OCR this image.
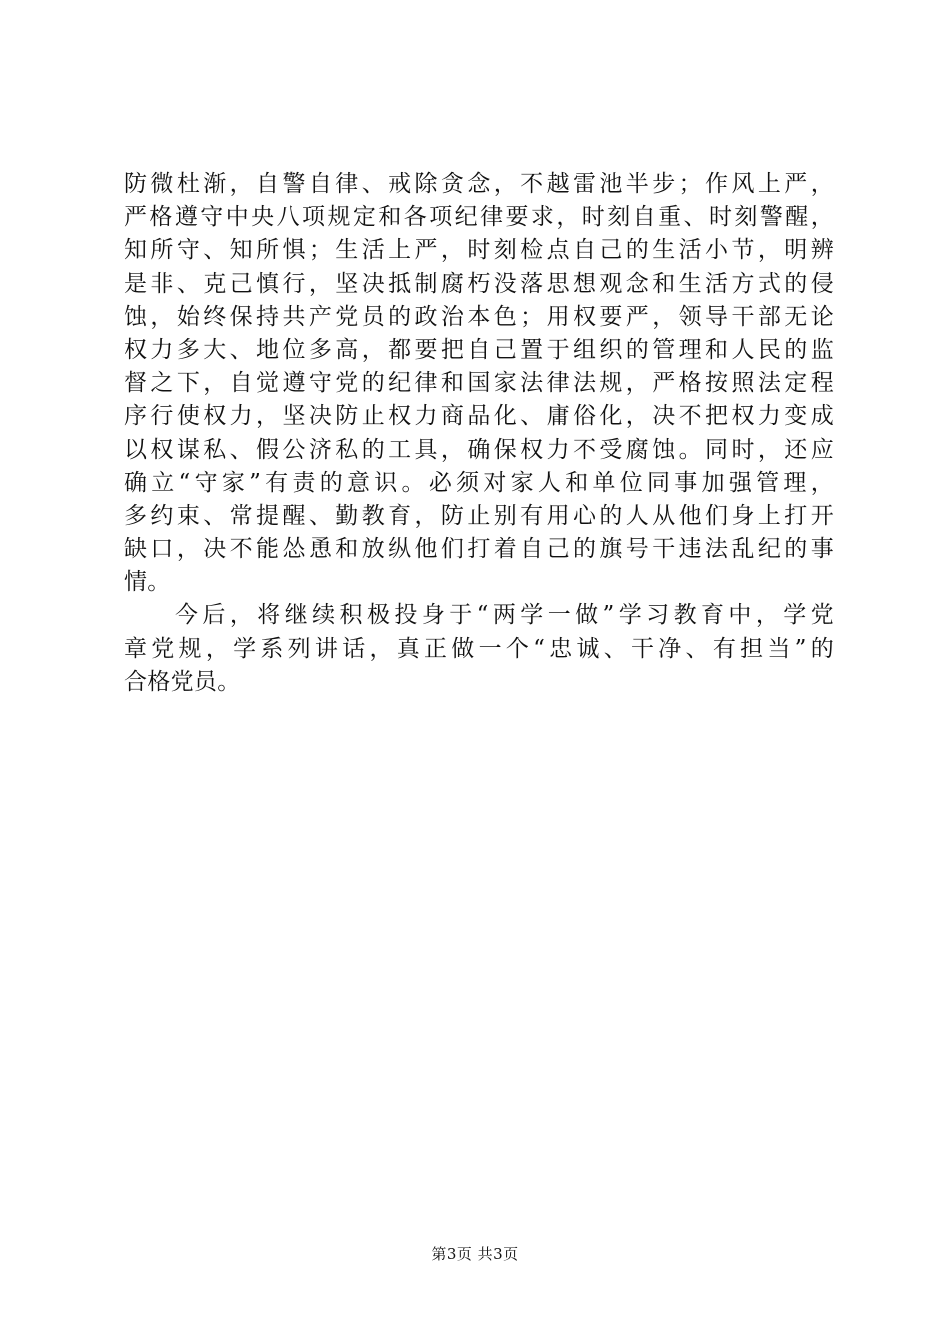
防微杜渐，自警自律、戒除贪念，不越雷池半步；作风上严，
严格遵守中央八项规定和各项纪律要求，时刻自重、时刻警醒，
知所守、知所惧；生活上严，时刻检点自己的生活小节，明辨
是非、克己慎行，坚决抵制腐朽没落思想观念和生活方式的侵
蚀，始终保持共产党员的政治本色；用权要严，领导干部无论
权力多大、地位多高，都要把自己置于组织的管理和人民的监
督之下，自觉遵守党的纪律和国家法律法规，严格按照法定程
序行使权力，坚决防止权力商品化、庸俗化，决不把权力变成
以权谋私、假公济私的工具，确保权力不受腐蚀。同时，还应
确立“守家”有责的意识。必须对家人和单位同事加强管理，
多约束、常提醒、勤教育，防止别有用心的人从他们身上打开
缺口，决不能怂恿和放纵他们打着自己的旗号干违法乱纪的事
情。
今后，将继续积极投身于“两学一做”学习教育中，学党
章党规，学系列讲话，真正做一个“忠诚、干净、有担当”的
合格党员。
第3页 共3页
